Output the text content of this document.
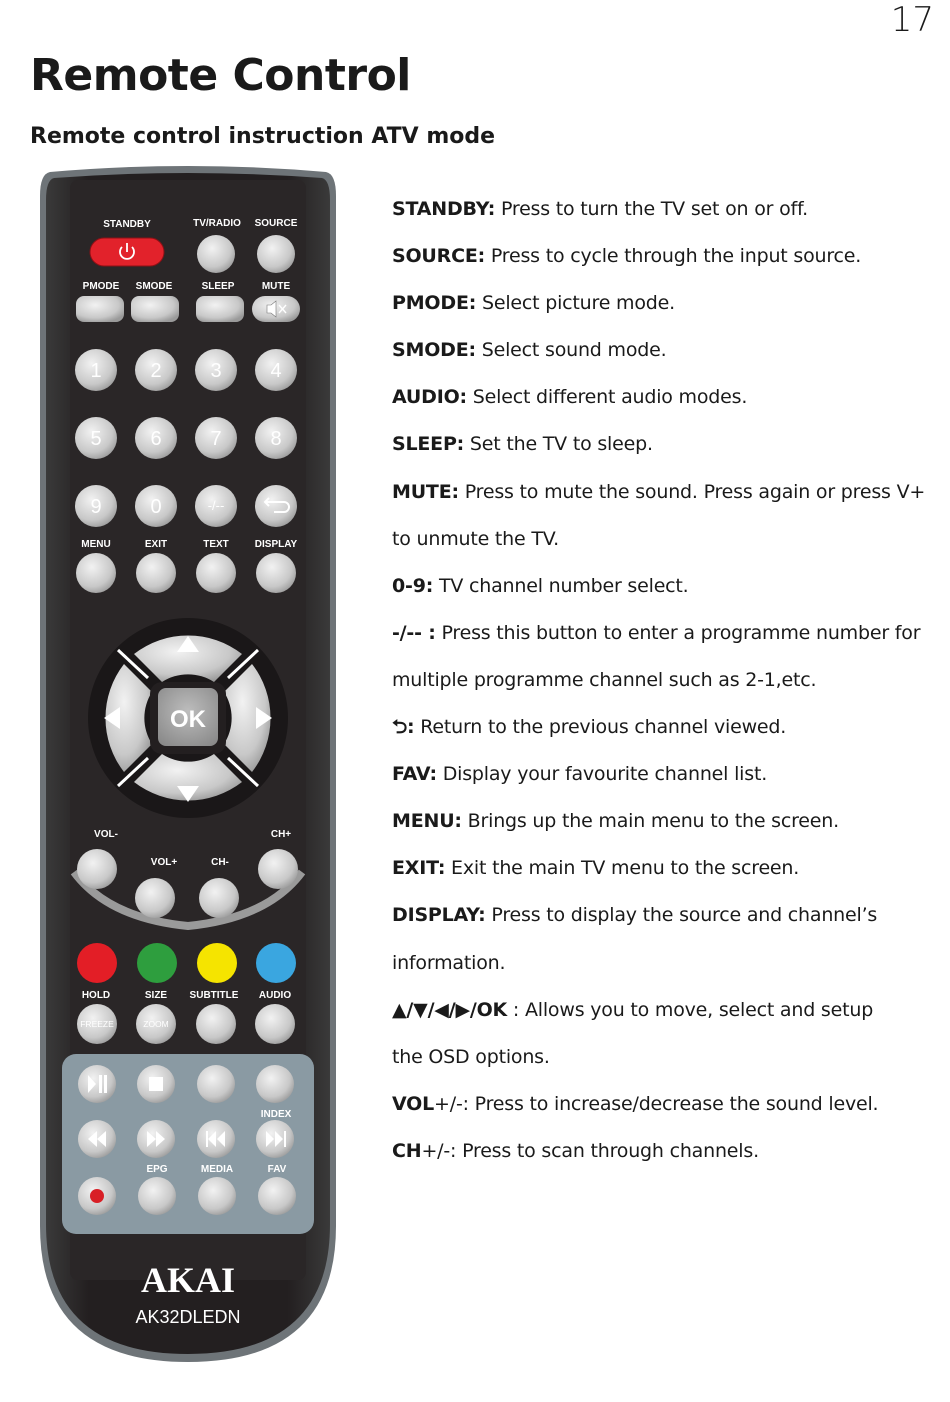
17
Remote Control
Remote control instruction ATV mode
STANDBY	TV/RADIO SOURCE
PMODE SMODE	SLEEP	MUTE
1 2 3 4
5 6 7 8
9 0	-/--
MENU	EXIT	TEXT	DISPLAY
OK
VOL-	CH+
VOL+	CH-
HOLD	SIZE SUBTITLE AUDIO
FREEZE	ZOOM
INDEX
EPG	MEDIA	FAV
AKAI
AK32DLEDN
STANDBY: Press to turn the TV set on or off.
SOURCE: Press to cycle through the input source.
PMODE: Select picture mode.
SMODE: Select sound mode.
AUDIO: Select different audio modes.
SLEEP: Set the TV to sleep.
MUTE: Press to mute the sound. Press again or press V+
to unmute the TV.
0-9: TV channel number select.
-/-- : Press this button to enter a programme number for
multiple programme channel such as 2-1,etc.
⮌: Return to the previous channel viewed.
FAV: Display your favourite channel list.
MENU: Brings up the main menu to the screen.
EXIT: Exit the main TV menu to the screen.
DISPLAY: Press to display the source and channel’s
information.
▲/▼/◀/▶/OK : Allows you to move, select and setup
the OSD options.
VOL+/-: Press to increase/decrease the sound level.
CH+/-: Press to scan through channels.
